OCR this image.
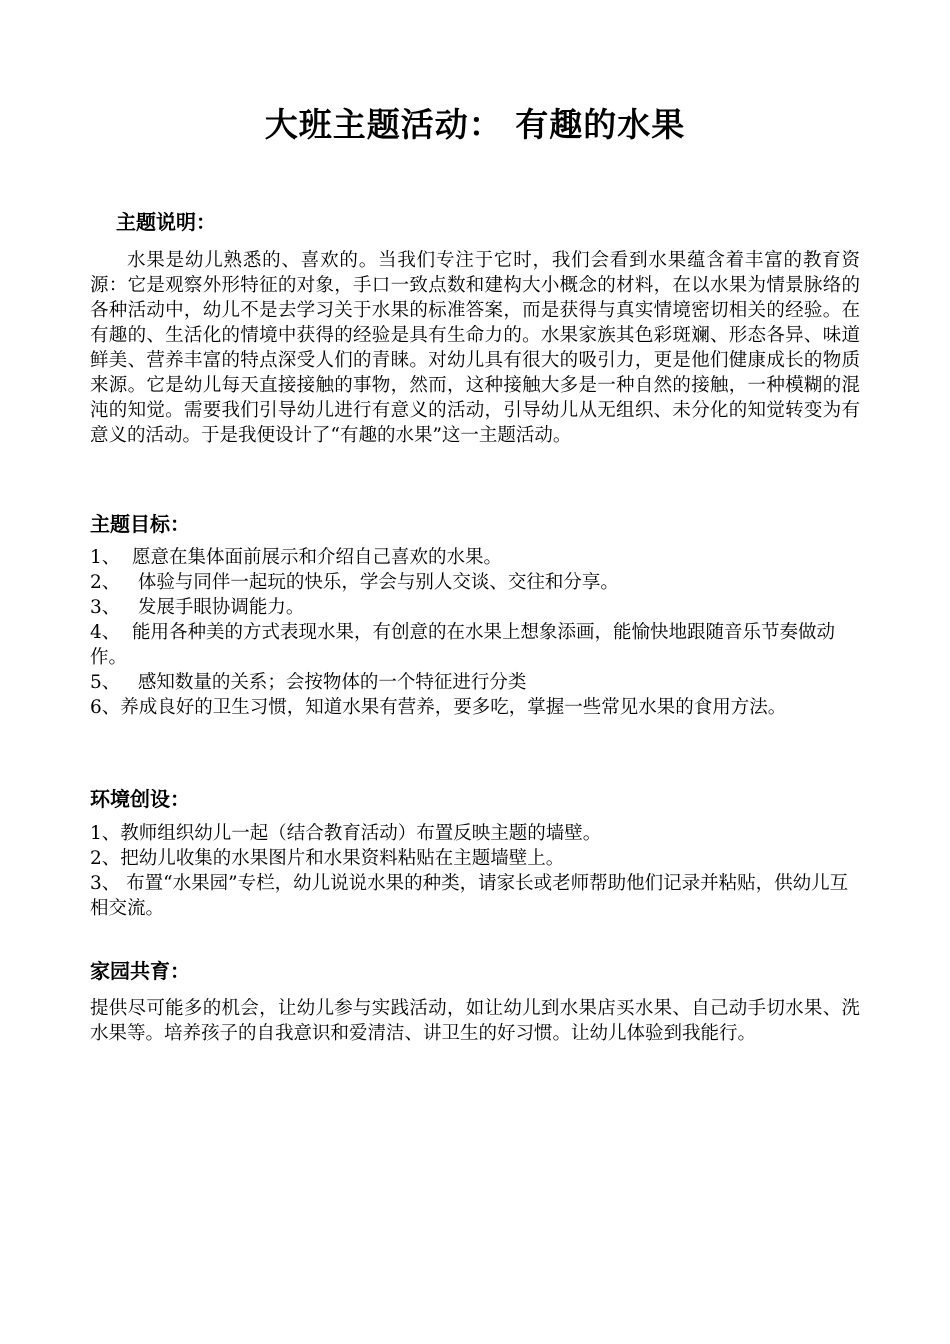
大班主题活动： 有趣的水果
主题说明：

水果是幼儿熟悉的、喜欢的。当我们专注于它时，我们会看到水果蕴含着丰富的教育资源：它是观察外形特征的对象，手口一致点数和建构大小概念的材料，在以水果为情景脉络的各种活动中，幼儿不是去学习关于水果的标准答案，而是获得与真实情境密切相关的经验。在有趣的、生活化的情境中获得的经验是具有生命力的。水果家族其色彩斑斓、形态各异、味道鲜美、营养丰富的特点深受人们的青睐。对幼儿具有很大的吸引力，更是他们健康成长的物质来源。它是幼儿每天直接接触的事物，然而，这种接触大多是一种自然的接触，一种模糊的混沌的知觉。需要我们引导幼儿进行有意义的活动，引导幼儿从无组织、未分化的知觉转变为有意义的活动。于是我便设计了“有趣的水果”这一主题活动。

主题目标：
1、  愿意在集体面前展示和介绍自己喜欢的水果。
2、   体验与同伴一起玩的快乐，学会与别人交谈、交往和分享。
3、   发展手眼协调能力。
4、  能用各种美的方式表现水果，有创意的在水果上想象添画，能愉快地跟随音乐节奏做动作。
5、   感知数量的关系；会按物体的一个特征进行分类
6、养成良好的卫生习惯，知道水果有营养，要多吃，掌握一些常见水果的食用方法。
环境创设：
1、教师组织幼儿一起（结合教育活动）布置反映主题的墙壁。
2、把幼儿收集的水果图片和水果资料粘贴在主题墙壁上。
3、 布置“水果园”专栏，幼儿说说水果的种类，请家长或老师帮助他们记录并粘贴，供幼儿互相交流。
家园共育：

提供尽可能多的机会，让幼儿参与实践活动，如让幼儿到水果店买水果、自己动手切水果、洗水果等。培养孩子的自我意识和爱清洁、讲卫生的好习惯。让幼儿体验到我能行。
